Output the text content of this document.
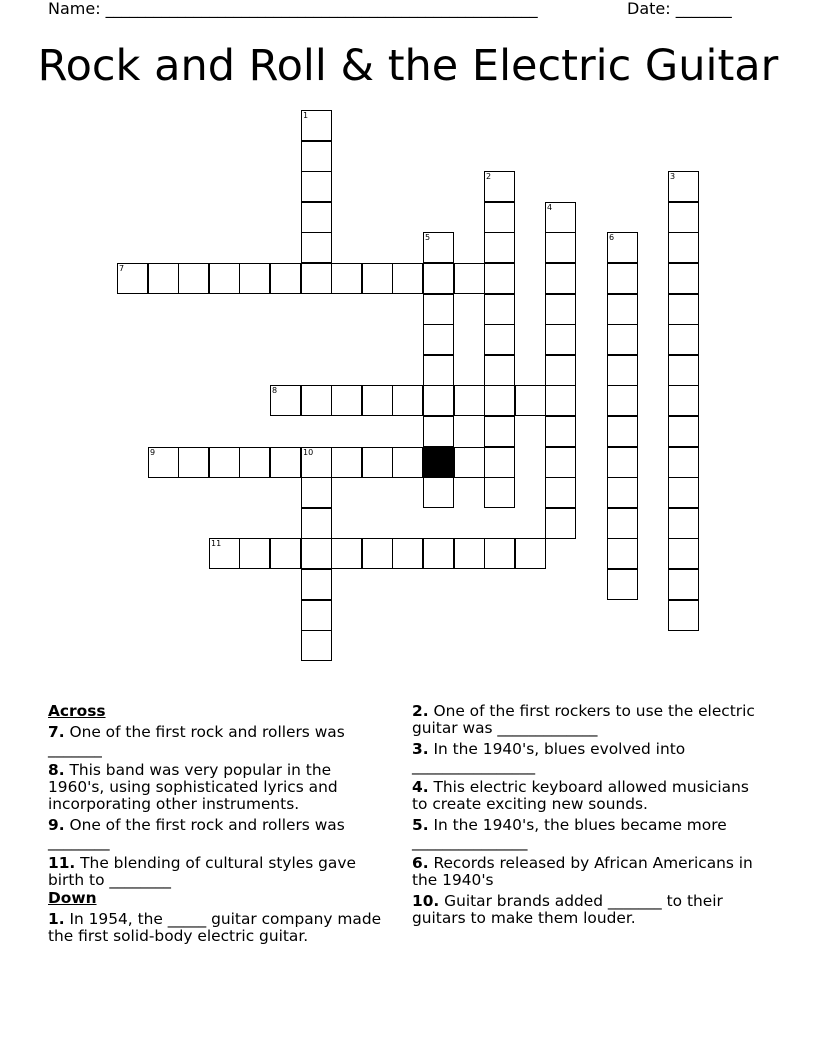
Name: ______________________________________________________

	Date: _______

Rock and Roll & the Electric Guitar
1
2	3
4
5	6
7
8
9	10
11
Across
7. One of the first rock and rollers was _______
8. This band was very popular in the 1960's, using sophisticated lyrics and incorporating other instruments.
9. One of the first rock and rollers was ________
11. The blending of cultural styles gave birth to ________
Down
1. In 1954, the _____ guitar company made the first solid-body electric guitar.
2. One of the first rockers to use the electric guitar was _____________
3. In the 1940's, blues evolved into ________________
4. This electric keyboard allowed musicians to create exciting new sounds.
5. In the 1940's, the blues became more _______________
6. Records released by African Americans in the 1940's
10. Guitar brands added _______ to their guitars to make them louder.
